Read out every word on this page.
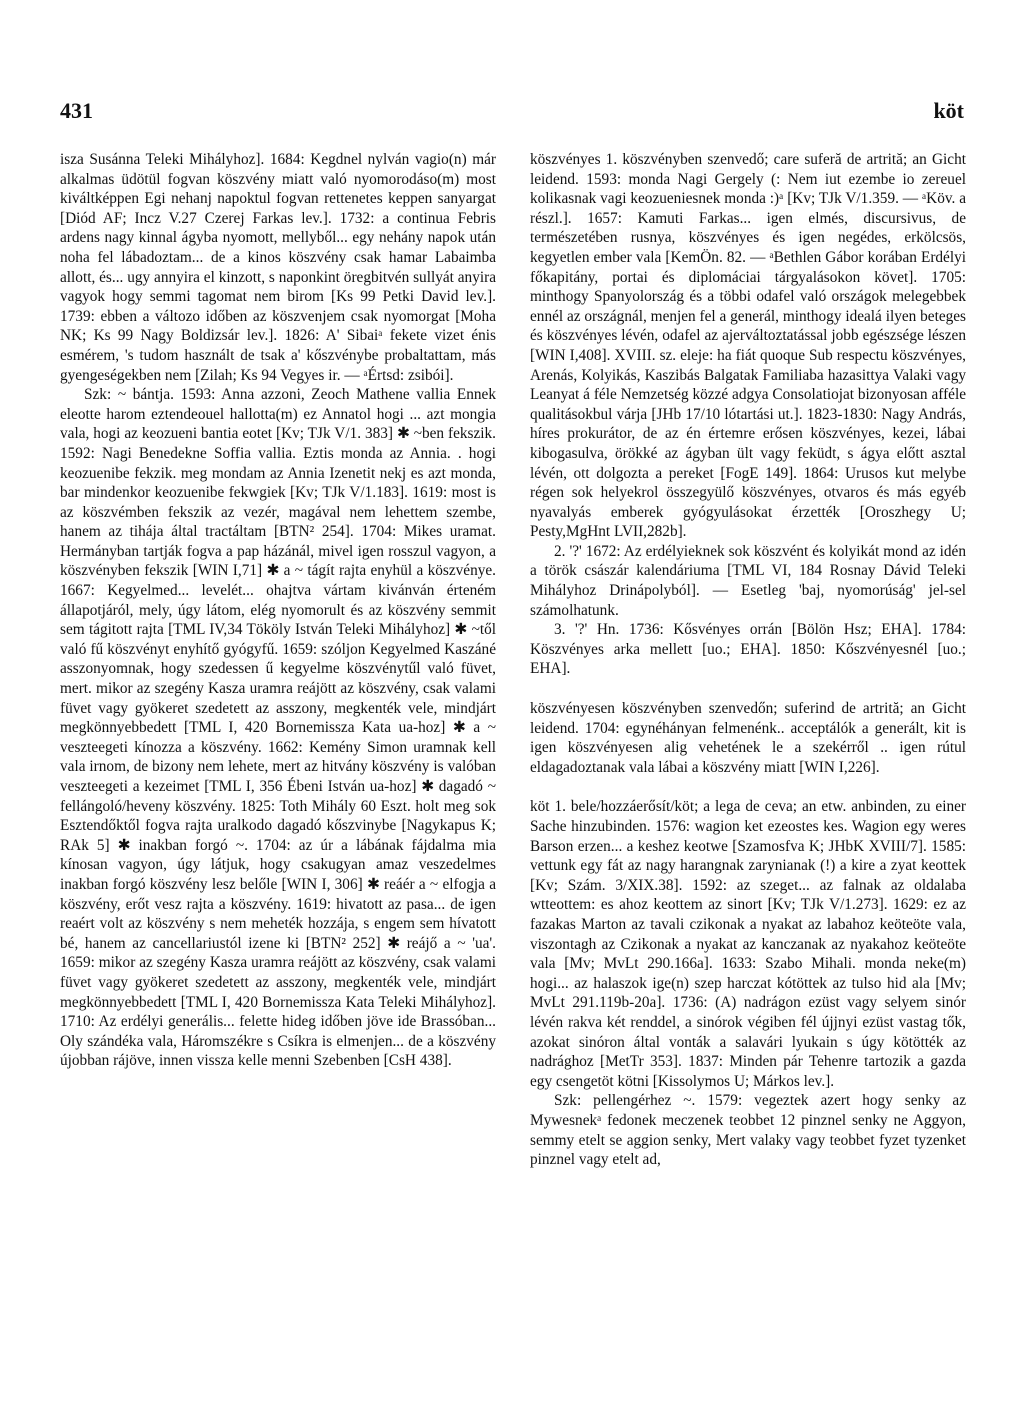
431	köt

isza Susánna Teleki Mihályhoz]. 1684: Kegdnel nylván vagio(n) már alkalmas üdötül fogvan köszvény miatt való nyomorodáso(m) most kiváltképpen Egi nehanj napoktul fogvan rettenetes keppen sanyargat [Diód AF; Incz V.27 Czerej Farkas lev.]. 1732: a continua Febris ardens nagy kinnal ágyba nyomott, mellyből... egy nehány napok után noha fel lábadoztam... de a kinos köszvény csak hamar Labaimba allott, és... ugy annyira el kinzott, s naponkint öregbitvén sullyát anyira vagyok hogy semmi tagomat nem birom [Ks 99 Petki David lev.]. 1739: ebben a változo időben az köszvenjem csak nyomorgat [Moha NK; Ks 99 Nagy Boldizsár lev.]. 1826: A' Sibaiᵃ fekete vizet énis esmérem, 's tudom használt de tsak a' kőszvénybe probaltattam, más gyengeségekben nem [Zilah; Ks 94 Vegyes ir. — ᵃÉrtsd: zsibói].

Szk: ~ bántja. 1593: Anna azzoni, Zeoch Mathene vallia Ennek eleotte harom eztendeouel hallotta(m) ez Annatol hogi ... azt mongia vala, hogi az keozueni bantia eotet [Kv; TJk V/1. 383] ✱ ~ben fekszik. 1592: Nagi Benedekne Soffia vallia. Eztis monda az Annia. . hogi keozuenibe fekzik. meg mondam az Annia Izenetit nekj es azt monda, bar mindenkor keozuenibe fekwgiek [Kv; TJk V/1.183]. 1619: most is az köszvémben fekszik az vezér, magával nem lehettem szembe, hanem az tihája által tractáltam [BTN² 254]. 1704: Mikes uramat. Hermányban tartják fogva a pap házánál, mivel igen rosszul vagyon, a köszvényben fekszik [WIN I,71] ✱ a ~ tágít rajta enyhül a köszvénye. 1667: Kegyelmed... levelét... ohajtva vártam kivánván érteném állapotjáról, mely, úgy látom, elég nyomorult és az köszvény semmit sem tágitott rajta [TML IV,34 Tököly István Teleki Mihályhoz] ✱ ~től való fű köszvényt enyhítő gyógyfű. 1659: szóljon Kegyelmed Kaszáné asszonyomnak, hogy szedessen ű kegyelme köszvénytűl való füvet, mert. mikor az szegény Kasza uramra reájött az köszvény, csak valami füvet vagy gyökeret szedetett az asszony, megkenték vele, mindjárt megkönnyebbedett [TML I, 420 Bornemissza Kata ua-hoz] ✱ a ~ veszteegeti kínozza a köszvény. 1662: Kemény Simon uramnak kell vala irnom, de bizony nem lehete, mert az hitvány köszvény is valóban veszteegeti a kezeimet [TML I, 356 Ébeni István ua-hoz] ✱ dagadó ~ fellángoló/heveny köszvény. 1825: Toth Mihály 60 Eszt. holt meg sok Esztendőktől fogva rajta uralkodo dagadó kőszvinybe [Nagykapus K; RAk 5] ✱ inakban forgó ~. 1704: az úr a lábának fájdalma mia kínosan vagyon, úgy látjuk, hogy csakugyan amaz veszedelmes inakban forgó köszvény lesz belőle [WIN I, 306] ✱ reáér a ~ elfogja a köszvény, erőt vesz rajta a köszvény. 1619: hivatott az pasa... de igen reaért volt az köszvény s nem meheték hozzája, s engem sem hívatott bé, hanem az cancellariustól izene ki [BTN² 252] ✱ reájő a ~ 'ua'. 1659: mikor az szegény Kasza uramra reájött az köszvény, csak valami füvet vagy gyökeret szedetett az asszony, megkenték vele, mindjárt megkönnyebbedett [TML I, 420 Bornemissza Kata Teleki Mihályhoz]. 1710: Az erdélyi generális... felette hideg időben jöve ide Brassóban... Oly szándéka vala, Háromszékre s Csíkra is elmenjen... de a köszvény újobban rájöve, innen vissza kelle menni Szebenben [CsH 438].

köszvényes 1. köszvényben szenvedő; care suferă de artrită; an Gicht leidend. 1593: monda Nagi Gergely (: Nem iut ezembe io zereuel kolikasnak vagi keozueniesnek monda :)ᵃ [Kv; TJk V/1.359. — ᵃKöv. a részl.]. 1657: Kamuti Farkas... igen elmés, discursivus, de természetében rusnya, köszvényes és igen negédes, erkölcsös, kegyetlen ember vala [KemÖn. 82. — ᵃBethlen Gábor korában Erdélyi főkapitány, portai és diplomáciai tárgyalásokon követ]. 1705: minthogy Spanyolország és a többi odafel való országok melegebbek ennél az országnál, menjen fel a generál, minthogy idealá ilyen beteges és köszvényes lévén, odafel az ajerváltoztatással jobb egészsége lészen [WIN I,408]. XVIII. sz. eleje: ha fiát quoque Sub respectu köszvényes, Arenás, Kolyikás, Kaszibás Balgatak Familiaba hazasittya Valaki vagy Leanyat á féle Nemzetség közzé adgya Consolatiojat bizonyosan afféle qualitásokbul várja [JHb 17/10 lótartási ut.]. 1823-1830: Nagy András, híres prokurátor, de az én értemre erősen köszvényes, kezei, lábai kibogasulva, örökké az ágyban ült vagy feküdt, s ágya előtt asztal lévén, ott dolgozta a pereket [FogE 149]. 1864: Urusos kut melybe régen sok helyekrol összegyülő köszvényes, otvaros és más egyéb nyavalyás emberek gyógyulásokat érzették [Oroszhegy U; Pesty,MgHnt LVII,282b].

2. '?' 1672: Az erdélyieknek sok köszvént és kolyikát mond az idén a török császár kalendáriuma [TML VI, 184 Rosnay Dávid Teleki Mihályhoz Drinápolyból]. — Esetleg 'baj, nyomorúság' jel-sel számolhatunk.

3. '?' Hn. 1736: Kősvényes orrán [Bölön Hsz; EHA]. 1784: Köszvényes arka mellett [uo.; EHA]. 1850: Kőszvényesnél [uo.; EHA].

köszvényesen köszvényben szenvedőn; suferind de artrită; an Gicht leidend. 1704: egynéhányan felmenénk.. acceptálók a generált, kit is igen köszvényesen alig vehetének le a szekérről .. igen rútul eldagadoztanak vala lábai a köszvény miatt [WIN I,226].

köt 1. bele/hozzáerősít/köt; a lega de ceva; an etw. anbinden, zu einer Sache hinzubinden. 1576: wagion ket ezeostes kes. Wagion egy weres Barson erzen... a keshez keotwe [Szamosfva K; JHbK XVIII/7]. 1585: vettunk egy fát az nagy harangnak zarynianak (!) a kire a zyat keottek [Kv; Szám. 3/XIX.38]. 1592: az szeget... az falnak az oldalaba wtteottem: es ahoz keottem az sinort [Kv; TJk V/1.273]. 1629: ez az fazakas Marton az tavali czikonak a nyakat az labahoz keöteöte vala, viszontagh az Czikonak a nyakat az kanczanak az nyakahoz keöteöte vala [Mv; MvLt 290.166a]. 1633: Szabo Mihali. monda neke(m) hogi... az halaszok ige(n) szep harczat kótöttek az tulso hid ala [Mv; MvLt 291.119b-20a]. 1736: (A) nadrágon ezüst vagy selyem sinór lévén rakva két renddel, a sinórok végiben fél újjnyi ezüst vastag tők, azokat sinóron által vonták a salavári lyukain s úgy kötötték az nadrághoz [MetTr 353]. 1837: Minden pár Tehenre tartozik a gazda egy csengetöt kötni [Kissolymos U; Márkos lev.].

Szk: pellengérhez ~. 1579: vegeztek azert hogy senky az Mywesnekᵃ fedonek meczenek teobbet 12 pinznel senky ne Aggyon, semmy etelt se aggion senky, Mert valaky vagy teobbet fyzet tyzenket pinznel vagy etelt ad,
